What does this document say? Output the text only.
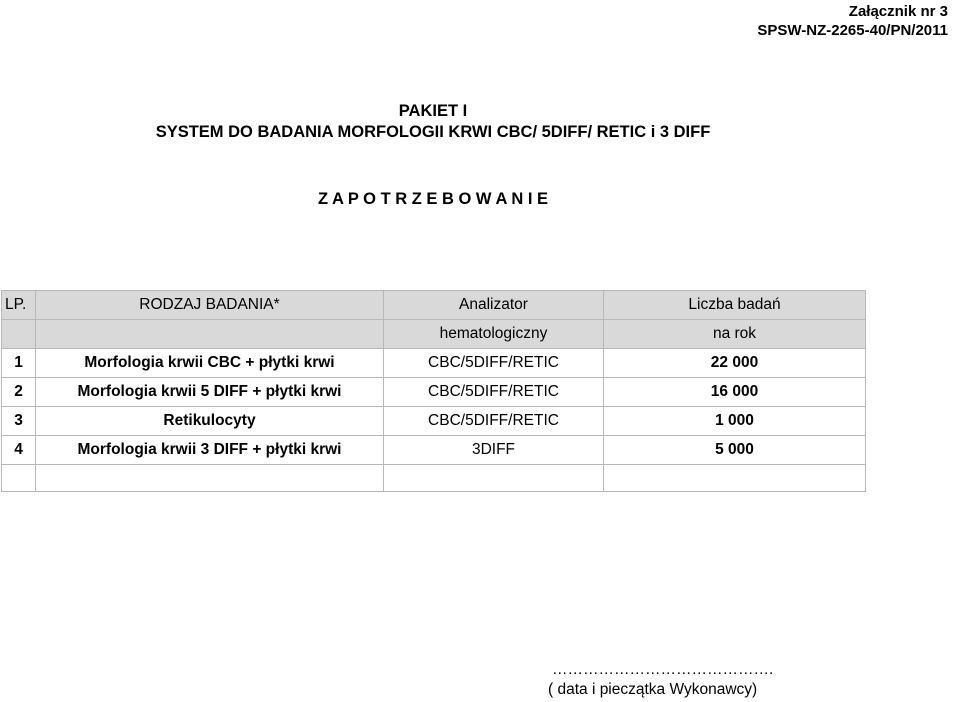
Załącznik nr 3
SPSW-NZ-2265-40/PN/2011
PAKIET I
SYSTEM DO BADANIA MORFOLOGII KRWI CBC/ 5DIFF/ RETIC i 3 DIFF
Z A P O T R Z E B O W A N I E
LP.	RODZAJ BADANIA*	Analizator	Liczba badań
		hematologiczny	na rok
1	Morfologia krwii CBC + płytki krwi	CBC/5DIFF/RETIC	22 000
2	Morfologia krwii 5 DIFF + płytki krwi	CBC/5DIFF/RETIC	16 000
3	Retikulocyty	CBC/5DIFF/RETIC	1 000
4	Morfologia krwii 3 DIFF + płytki krwi	3DIFF	5 000

…………………………………….
( data i pieczątka Wykonawcy)
